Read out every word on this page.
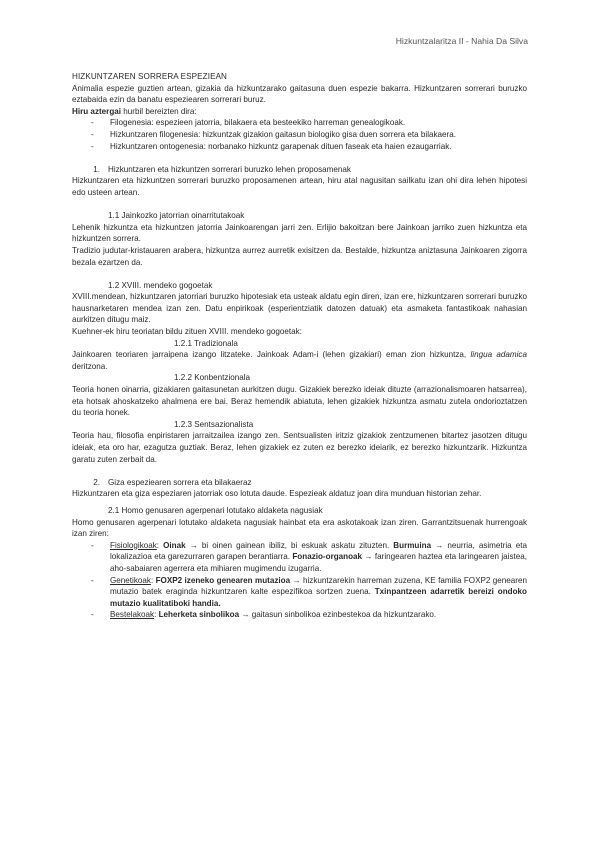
Hizkuntzalaritza II - Nahia Da Silva

HIZKUNTZAREN SORRERA ESPEZIEAN

Animalia espezie guztien artean, gizakia da hizkuntzarako gaitasuna duen espezie bakarra. Hizkuntzaren sorrerari buruzko eztabaida ezin da banatu espeziearen sorrerari buruz.

Hiru aztergai hurbil bereizten dira:

- Filogenesia: espezieen jatorria, bilakaera eta besteekiko harreman genealogikoak.
- Hizkuntzaren filogenesia: hizkuntzak gizakion gaitasun biologiko gisa duen sorrera eta bilakaera.
- Hizkuntzaren ontogenesia: norbanako hizkuntz garapenak dituen faseak eta haien ezaugarriak.
1. Hizkuntzaren eta hizkuntzen sorrerari buruzko lehen proposamenak

Hizkuntzaren eta hizkuntzen sorrerari buruzko proposamenen artean, hiru atal nagusitan sailkatu izan ohi dira lehen hipotesi edo usteen artean.

1.1 Jainkozko jatorrian oinarritutakoak

Lehenik hizkuntza eta hizkuntzen jatorria Jainkoarengan jarri zen. Erlijio bakoitzan bere Jainkoan jarriko zuen hizkuntza eta hizkuntzen sorrera.

Tradizio judutar-kristauaren arabera, hizkuntza aurrez aurretik exisitzen da. Bestalde, hizkuntza aniztasuna Jainkoaren zigorra bezala ezartzen da.

1.2 XVIII. mendeko gogoetak

XVIII.mendean, hizkuntzaren jatorriari buruzko hipotesiak eta usteak aldatu egin diren, izan ere, hizkuntzaren sorrerari buruzko hausnarketaren mendea izan zen. Datu enpirikoak (esperientziatik datozen datuak) eta asmaketa fantastikoak nahasian aurkitzen ditugu maiz.

Kuehner-ek hiru teoriatan bildu zituen XVIII. mendeko gogoetak:

1.2.1 Tradizionala

Jainkoaren teoriaren jarraipena izango litzateke. Jainkoak Adam-i (lehen gizakiari) eman zion hizkuntza, lingua adamica deritzona.

1.2.2 Konbentzionala

Teoria honen oinarria, gizakiaren gaitasunetan aurkitzen dugu. Gizakiek berezko ideiak dituzte (arrazionalismoaren hatsarrea), eta hotsak ahoskatzeko ahalmena ere bai. Beraz hemendik abiatuta, lehen gizakiek hizkuntza asmatu zutela ondorioztatzen du teoria honek.

1.2.3 Sentsazionalista

Teoria hau, filosofia enpiristaren jarraitzailea izango zen. Sentsualisten iritziz gizakiok zentzumenen bitartez jasotzen ditugu ideiak, eta oro har, ezagutza guztiak. Beraz, lehen gizakiek ez zuten ez berezko ideiarik, ez berezko hizkuntzarik. Hizkuntza garatu zuten zerbait da.

2. Giza espeziearen sorrera eta bilakaeraz

Hizkuntzaren eta giza espeziaren jatorriak oso lotuta daude. Espezieak aldatuz joan dira munduan historian zehar.

2.1 Homo genusaren agerpenari lotutako aldaketa nagusiak

Homo genusaren agerpenari lotutako aldaketa nagusiak hainbat eta era askotakoak izan ziren. Garrantzitsuenak hurrengoak izan ziren:

- Fisiologikoak: Oinak → bi oinen gainean ibiliz, bi eskuak askatu zituzten. Burmuina → neurria, asimetria eta lokalizazioa eta garezurraren garapen berantiarra. Fonazio-organoak → faringearen haztea eta laringearen jaistea, aho-sabaiaren agerrera eta mihiaren mugimendu izugarria.
- Genetikoak: FOXP2 izeneko genearen mutazioa → hizkuntzarekin harreman zuzena, KE familia FOXP2 genearen mutazio batek eraginda hizkuntzaren kalte espezifikoa sortzen zuena. Txinpantzeen adarretik bereizi ondoko mutazio kualitatiboki handia.
- Bestelakoak: Leherketa sinbolikoa → gaitasun sinbolikoa ezinbestekoa da hizkuntzarako.
